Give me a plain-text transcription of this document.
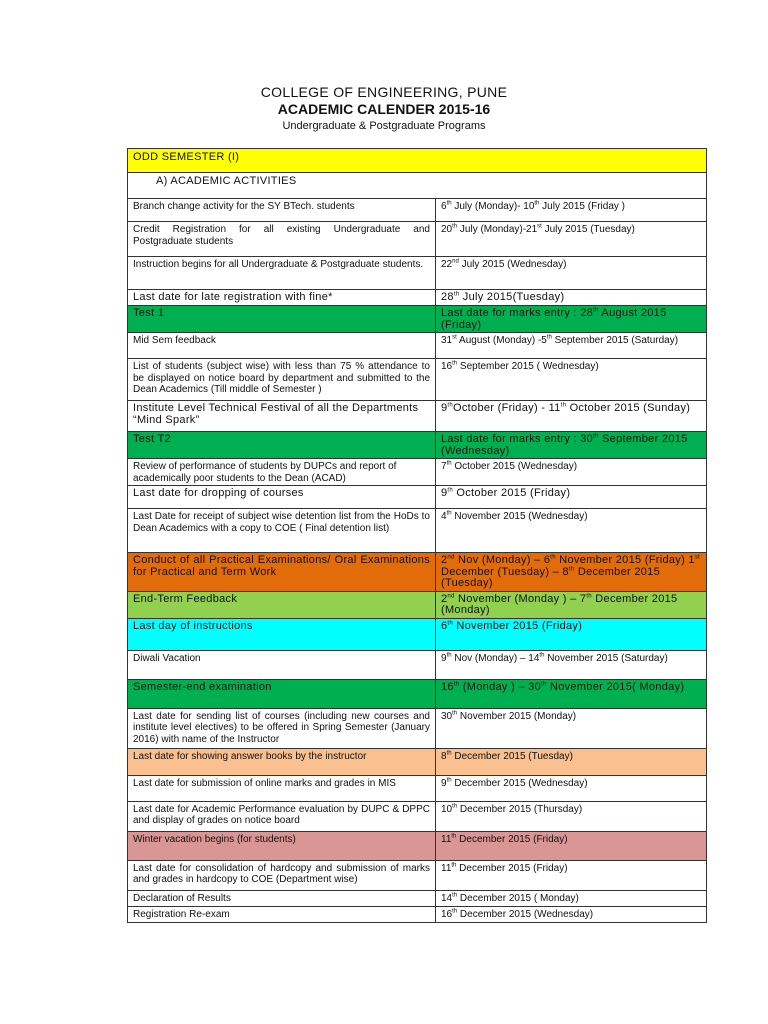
COLLEGE OF ENGINEERING, PUNE
ACADEMIC CALENDER 2015-16
Undergraduate & Postgraduate Programs
ODD SEMESTER (I)	
A) ACADEMIC ACTIVITIES	
Branch change activity for the SY BTech. students	6th July (Monday)- 10th July 2015 (Friday )
Credit Registration for all existing Undergraduate and Postgraduate students	20th July (Monday)-21st July 2015 (Tuesday)
Instruction begins for all Undergraduate & Postgraduate students.	22nd July 2015 (Wednesday)
Last date for late registration with fine*	28th July 2015(Tuesday)
Test 1	Last date for marks entry : 28th August 2015 (Friday)
Mid Sem feedback	31st August (Monday) -5th September 2015 (Saturday)
List of students (subject wise) with less than 75 % attendance to be displayed on notice board by department and submitted to the Dean Academics (Till middle of Semester )	16th September 2015 ( Wednesday)
Institute Level Technical Festival of all the Departments “Mind Spark”	9thOctober (Friday) - 11th October 2015 (Sunday)
Test T2	Last date for marks entry : 30th September 2015 (Wednesday)
Review of performance of students by DUPCs and report of academically poor students to the Dean (ACAD)	7th October 2015 (Wednesday)
Last date for dropping of courses	9th October 2015 (Friday)
Last Date for receipt of subject wise detention list from the HoDs to Dean Academics with a copy to COE ( Final detention list)	4th November 2015 (Wednesday)
Conduct of all Practical Examinations/ Oral Examinations for Practical and Term Work	2nd Nov (Monday) – 6th November 2015 (Friday) 1st December (Tuesday) – 8th December 2015 (Tuesday)
End-Term Feedback	2nd November (Monday ) – 7th December 2015 (Monday)
Last day of instructions	6th November 2015 (Friday)
Diwali Vacation	9th Nov (Monday) – 14th November 2015 (Saturday)
Semester-end examination	16th (Monday ) – 30th November 2015( Monday)
Last date for sending list of courses (including new courses and institute level electives) to be offered in Spring Semester (January 2016) with name of the Instructor	30th November 2015 (Monday)
Last date for showing answer books by the instructor	8th December 2015 (Tuesday)
Last date for submission of online marks and grades in MIS	9th December 2015 (Wednesday)
Last date for Academic Performance evaluation by DUPC & DPPC and display of grades on notice board	10th December 2015 (Thursday)
Winter vacation begins (for students)	11th December 2015 (Friday)
Last date for consolidation of hardcopy and submission of marks and grades in hardcopy to COE (Department wise)	11th December 2015 (Friday)
Declaration of Results	14th December 2015 ( Monday)
Registration Re-exam	16th December 2015 (Wednesday)
